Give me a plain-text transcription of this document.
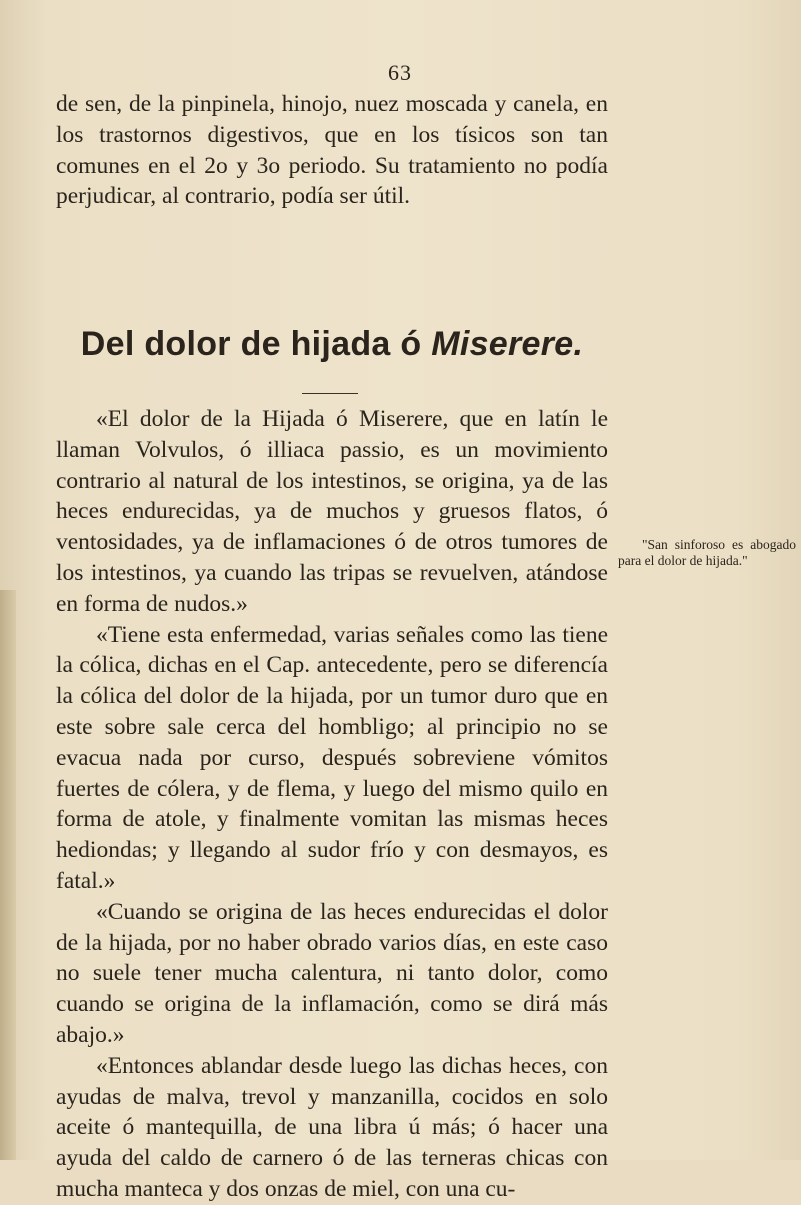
63

de sen, de la pinpinela, hinojo, nuez moscada y canela, en los trastornos digestivos, que en los tísicos son tan comunes en el 2o y 3o periodo. Su tratamiento no podía perjudicar, al contrario, podía ser útil.

Del dolor de hijada ó Miserere.

«El dolor de la Hijada ó Miserere, que en latín le llaman Volvulos, ó illiaca passio, es un movimiento contrario al natural de los intestinos, se origina, ya de las heces endurecidas, ya de muchos y gruesos flatos, ó ventosidades, ya de inflamaciones ó de otros tumores de los intestinos, ya cuando las tripas se revuelven, atándose en forma de nudos.»

«Tiene esta enfermedad, varias señales como las tiene la cólica, dichas en el Cap. antecedente, pero se diferencía la cólica del dolor de la hijada, por un tumor duro que en este sobre sale cerca del hombligo; al principio no se evacua nada por curso, después sobreviene vómitos fuertes de cólera, y de flema, y luego del mismo quilo en forma de atole, y finalmente vomitan las mismas heces hediondas; y llegando al sudor frío y con desmayos, es fatal.»

«Cuando se origina de las heces endurecidas el dolor de la hijada, por no haber obrado varios días, en este caso no suele tener mucha calentura, ni tanto dolor, como cuando se origina de la inflamación, como se dirá más abajo.»

«Entonces ablandar desde luego las dichas heces, con ayudas de malva, trevol y manzanilla, cocidos en solo aceite ó mantequilla, de una libra ú más; ó hacer una ayuda del caldo de carnero ó de las terneras chicas con mucha manteca y dos onzas de miel, con una cu-

"San sinforoso es abogado para el dolor de hijada."
